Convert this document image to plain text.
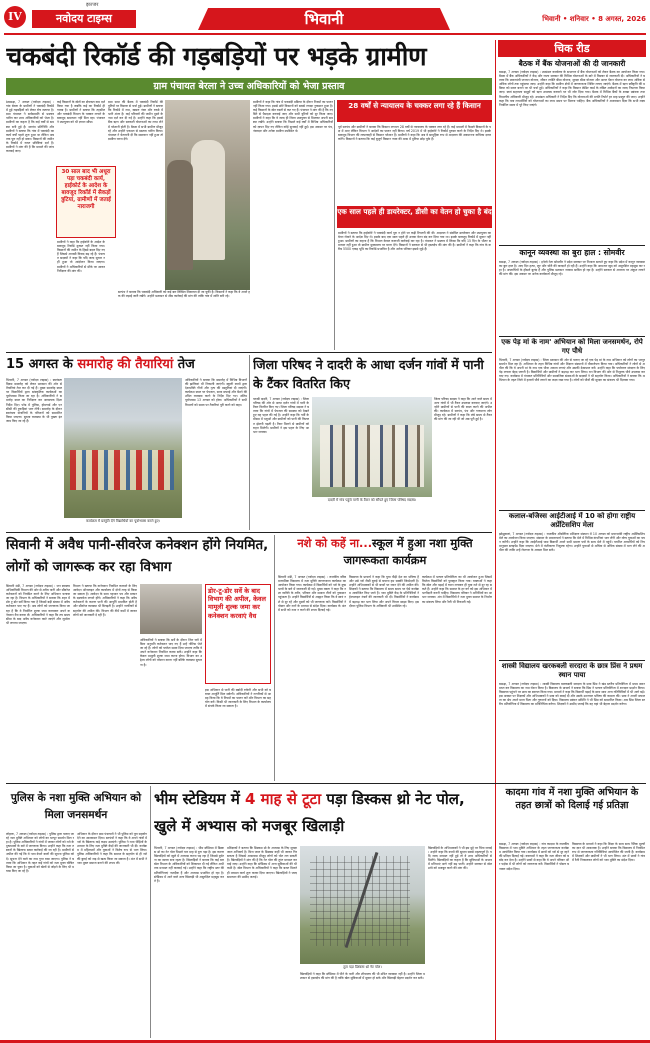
IV	नवोदय टाइम्स
झज्जर
भिवानी	भिवानी • शनिवार • 8 अगस्त, 2026
चकबंदी रिकॉर्ड की गड़बड़ियों पर भड़के ग्रामीण
ग्राम पंचायत बेरला ने उच्च अधिकारियों को भेजा प्रस्ताव
bबाढड़ा, 7 अगस्त (नवोदय टाइम्स) : गांव बेरला के ग्रामीणों ने चकबंदी रिकॉर्ड में हुई गड़बड़ियों को लेकर रोष जताया है। ग्राम पंचायत ने सर्वसम्मति से प्रस्ताव पारित कर उच्च अधिकारियों को भेजा है। ग्रामीणों का कहना है कि कई वर्षों से समस्या बनी हुई है। सरपंच प्रतिनिधि और ग्रामीणों ने बताया कि गांव में चकबंदी का कार्य वर्षों पहले शुरू हुआ था लेकिन अब तक पूरा नहीं हो सका। किसानों की जमीन के रिकॉर्ड में गलत प्रविष्टियां दर्ज हैं। ग्रामीणों ने मांग की है कि मामले की जांच करवाई जाए।
कई किसानों के खेतों का क्षेत्रफल कम दर्ज किया गया है जबकि कई का रिकॉर्ड ही गायब है। ग्रामीणों ने बताया कि तहसील और चकबंदी विभाग के चक्कर लगाने के बावजूद समाधान नहीं मिल रहा। पंचायत ने उपायुक्त को भी ज्ञापन सौंपा।
30 साल बाद भी अधूरा पड़ा चकबंदी कार्य, हाईकोर्ट के आदेश के बावजूद रिकॉर्ड में सैकड़ों त्रुटियां, ग्रामीणों में जताई नाराजगी
ग्रामीणों ने कहा कि हाईकोर्ट के आदेश के बावजूद रिकॉर्ड दुरुस्त नहीं किया गया। किसानों की जमीन के हिस्से बदल दिए गए हैं जिससे आपसी विवाद बढ़ रहे हैं। पंचायत सदस्यों ने कहा कि यदि जल्द सुधार नहीं हुआ तो आंदोलन किया जाएगा। ग्रामीणों ने अधिकारियों से मौके पर आकर निरीक्षण की मांग की।
ग्राम सभा की बैठक में चकबंदी रिकॉर्ड की त्रुटियों पर विस्तार से चर्चा हुई। ग्रामीणों ने बताया कि रिकॉर्ड में नाम, खसरा नंबर और रकबे में भारी अंतर है। कई परिवारों की जमीन दूसरे के नाम दर्ज कर दी गई है। उन्होंने कहा कि इससे बैंक ऋण और सरकारी योजनाओं का लाभ लेने में परेशानी होती है। बैठक में सभी ग्रामीण मौजूद रहे और उन्होंने एकमत से प्रस्ताव पारित किया। पंचायत ने चेतावनी दी कि समाधान नहीं हुआ तो ग्रामीण धरना देंगे।
सरपंच ने बताया कि चकबंदी अधिकारी को कई बार लिखित शिकायत दी जा चुकी है। किसानों ने कहा कि वे अपने हक की लड़ाई जारी रखेंगे। उन्होंने प्रशासन से शीघ्र कार्रवाई की मांग की ताकि गांव में शांति बनी रहे।
ग्रामीणों ने कहा कि गांव में चकबंदी प्रक्रिया के दौरान नियमों का पालन नहीं किया गया। इससे छोटे किसानों को सबसे ज्यादा नुकसान हुआ है। कई किसानों के खेत रास्तों से कट गए हैं। पंचायत ने मांग की है कि नए सिरे से पैमाइश करवाई जाए और सभी त्रुटियों को दूर किया जाए। ग्रामीणों ने कहा कि वे जल्द ही जिला उपायुक्त से मिलकर अपनी समस्या रखेंगे। उन्होंने बताया कि पिछले कई वर्षों में विभिन्न अधिकारियों को ज्ञापन दिए गए लेकिन कोई सुनवाई नहीं हुई। इस अवसर पर पंच, नंबरदार और अनेक ग्रामीण उपस्थित थे।
28 वर्षों से न्यायालय के चक्कर लगा रहे हैं किसान
पूर्व सरपंच और ग्रामीणों ने बताया कि किसान लगभग 28 वर्षों से न्यायालय के चक्कर लगा रहे हैं। कई मामलों में फैसले किसानों के पक्ष में आए लेकिन विभाग ने आदेशों का पालन नहीं किया। वर्ष 2019 में भी हाईकोर्ट ने रिकॉर्ड दुरुस्त करने के निर्देश दिए थे। इसके बावजूद विभाग की लापरवाही से किसान परेशान हैं। ग्रामीणों ने कहा कि अब वे सामूहिक रूप से अदालत की अवमानना याचिका दायर करेंगे। किसानों ने बताया कि कई बुजुर्ग किसान न्याय की आस में दुनिया छोड़ चुके हैं।
एक साल पहले ही डायरेक्टर, डीसी का वेतन हो चुका है बंद
ग्रामीणों ने बताया कि हाईकोर्ट ने चकबंदी कार्य पूरा न होने पर कड़ी टिप्पणी की थी। अदालत ने संबंधित डायरेक्टर और उपायुक्त का वेतन रोकने के आदेश दिए थे। इसके बाद एक साल पहले ही उनका वेतन बंद कर दिया गया था। इसके बावजूद रिकॉर्ड में सुधार नहीं हुआ। ग्रामीणों का कहना है कि विभाग केवल कागजी कार्रवाई कर रहा है। पंचायत ने प्रस्ताव में लिखा कि यदि 15 दिन के भीतर समाधान नहीं हुआ तो ग्रामीण मुख्यालय पर धरना देंगे। किसानों ने सरकार से भी हस्तक्षेप की मांग की है। ग्रामीणों ने कहा कि गांव के करीब 5500 एकड़ भूमि का रिकॉर्ड प्रभावित है और अनेक परिवार इससे जुड़े हैं।
चिक रीड
बैठक में बैंक योजनाओं की दी जानकारी
बाढड़ा, 7 अगस्त (नवोदय टाइम्स) : उपमंडल कार्यालय के सभागार में बैंक योजनाओं को लेकर बैठक का आयोजन किया गया। बैठक में बैंक अधिकारियों ने केंद्र और राज्य सरकार की विभिन्न योजनाओं के बारे में विस्तार से जानकारी दी। अधिकारियों ने बताया कि प्रधानमंत्री जनधन योजना, जीवन ज्योति बीमा योजना, सुरक्षा बीमा योजना और अटल पेंशन योजना का लाभ अधिक से अधिक लोगों तक पहुंचाया जाए। उन्होंने कहा कि ग्रामीण क्षेत्रों में जागरूकता शिविर लगाए जाएंगे। बैठक में ऋण स्वीकृति की प्रक्रिया को सरल बनाने पर भी चर्चा हुई। अधिकारियों ने कहा कि किसान क्रेडिट कार्ड के लंबित आवेदनों का जल्द निपटारा किया जाए। स्वयं सहायता समूहों को ऋण उपलब्ध करवाने पर भी जोर दिया गया। बैठक में विभिन्न बैंकों के शाखा प्रबंधक तथा विभागीय अधिकारी मौजूद रहे। उपमंडल अधिकारी ने निर्देश दिए कि योजनाओं की प्रगति रिपोर्ट हर माह प्रस्तुत की जाए। उन्होंने कहा कि पात्र लाभार्थियों को योजनाओं का लाभ समय पर मिलना चाहिए। बैंक अधिकारियों ने आश्वासन दिया कि सभी लक्ष्य निर्धारित समय में पूरे किए जाएंगे।
कानून व्यवस्था का बुरा हाल : सोमवीर
बाढड़ा, 7 अगस्त (नवोदय टाइम्स) : इनेलो नेता सोमवीर ने प्रदेश सरकार पर निशाना साधते हुए कहा कि प्रदेश में कानून व्यवस्था का बुरा हाल है। आए दिन हत्या, लूट और चोरी की वारदातें हो रही हैं। उन्होंने कहा कि आमजन खुद को असुरक्षित महसूस कर रहा है। अपराधियों के हौसले बुलंद हैं और पुलिस प्रशासन नाकाम साबित हो रहा है। उन्होंने सरकार से अपराध पर अंकुश लगाने की मांग की। इस अवसर पर अनेक कार्यकर्ता मौजूद रहे।
एक पेड़ मां के नाम' अभियान को मिला जनसमर्थन, रोपे गए पौधे
भिवानी, 7 अगस्त (नवोदय टाइम्स) : जिला प्रशासन की ओर से चलाए जा रहे एक पेड़ मां के नाम अभियान को लोगों का भरपूर समर्थन मिल रहा है। अभियान के तहत विभिन्न गांवों और शिक्षण संस्थानों में पौधारोपण किया गया। अधिकारियों ने लोगों से अपील की कि वे अपनी मां के नाम एक पौधा अवश्य लगाएं और उसकी देखभाल करें। उन्होंने कहा कि पर्यावरण संरक्षण के लिए पेड़ लगाना बेहद जरूरी है। विद्यार्थियों और ग्रामीणों ने बढ़चढ़ कर भाग लिया। वन विभाग की ओर से निशुल्क पौधे उपलब्ध करवाए गए। कार्यक्रम में पंचायत प्रतिनिधियों और सामाजिक संस्थाओं के सदस्यों ने भी सहयोग किया। अधिकारियों ने बताया कि अभियान के तहत जिले में हजारों पौधे लगाने का लक्ष्य रखा गया है। लोगों को पौधों की सुरक्षा का संकल्प भी दिलाया गया।
कलाल-बजिस्स आईटीआई में 10 को होगा राष्ट्रीय अप्रेंटिसशिप मेला
झोझूकलां, 7 अगस्त (नवोदय टाइम्स) : राजकीय औद्योगिक प्रशिक्षण संस्थान में 10 अगस्त को प्रधानमंत्री राष्ट्रीय अप्रेंटिसशिप मेले का आयोजन किया जाएगा। संस्थान के प्रधानाचार्य ने बताया कि मेले में विभिन्न कंपनियां भाग लेंगी और योग्य युवाओं का चयन करेंगी। उन्होंने कहा कि आईटीआई पास विद्यार्थी अपने सभी प्रमाण पत्रों के साथ मेले में पहुंचें। चयनित अभ्यर्थियों को नियमानुसार स्टाइपेंड दिया जाएगा। मेले में पंजीकरण निशुल्क रहेगा। उन्होंने युवाओं से अधिक से अधिक संख्या में भाग लेने की अपील की ताकि उन्हें रोजगार के अवसर मिल सकें।
शास्त्री विद्यालय खरकबली सरदारा के छात्र प्रिंस ने प्रथम स्थान पाया
बाढड़ा, 7 अगस्त (नवोदय टाइम्स) : शास्त्री विद्यालय खरकबली सरदारा के छात्र प्रिंस ने खंड स्तरीय प्रतियोगिता में प्रथम स्थान प्राप्त कर विद्यालय का नाम रोशन किया है। विद्यालय के प्राचार्य ने बताया कि प्रिंस ने भाषण प्रतियोगिता में शानदार प्रदर्शन किया। विद्यालय पहुंचने पर छात्र का स्वागत किया गया। प्राचार्य ने कहा कि विद्यार्थी पढ़ाई के साथ साथ अन्य गतिविधियों में भी आगे बढ़ें। इस अवसर पर शिक्षकों और अभिभावकों ने छात्र को बधाई दी और उसके उज्ज्वल भविष्य की कामना की। छात्र ने अपनी सफलता का श्रेय अपने माता पिता और गुरुजनों को दिया। विद्यालय प्रबंधन समिति ने भी प्रिंस को सम्मानित किया। अब प्रिंस जिला स्तरीय प्रतियोगिता में विद्यालय का प्रतिनिधित्व करेगा। शिक्षकों ने उम्मीद जताई कि वह वहां भी बेहतर प्रदर्शन करेगा।
15 अगस्त के समारोह की तैयारियां तेज
भिवानी, 7 अगस्त (नवोदय टाइम्स) : स्वतंत्रता दिवस समारोह को लेकर प्रशासन की ओर से तैयारियां तेज कर दी गई हैं। मुख्य समारोह स्थल पर विद्यार्थियों द्वारा सांस्कृतिक कार्यक्रमों का पूर्वाभ्यास किया जा रहा है। अधिकारियों ने समारोह स्थल का निरीक्षण कर आवश्यक दिशा निर्देश दिए। परेड में पुलिस, होमगार्ड और एनसीसी की टुकड़ियां भाग लेंगी। समारोह के दौरान स्वतंत्रता सेनानियों के परिजनों को सम्मानित किया जाएगा। सुरक्षा व्यवस्था के भी पुख्ता इंतजाम किए जा रहे हैं।
कार्यक्रम में प्रस्तुति देंगे विद्यार्थियों का पूर्वाभ्यास करते हुए।
अधिकारियों ने बताया कि समारोह में विभिन्न विभागों की झांकियां भी निकाली जाएंगी। स्कूली बच्चों द्वारा देशभक्ति गीतों और नृत्य की प्रस्तुतियां दी जाएंगी। कार्यक्रम स्थल पर पेयजल, साफ सफाई और बैठने की उचित व्यवस्था करने के निर्देश दिए गए। अंतिम पूर्वाभ्यास 13 अगस्त को होगा। अधिकारियों ने सभी विभागों को समय पर तैयारियां पूरी करने को कहा।
जिला परिषद ने दादरी के आधा दर्जन गांवों में पानी के टैंकर वितरित किए
चरखी दादरी, 7 अगस्त (नवोदय टाइम्स) : जिला परिषद की ओर से आधा दर्जन गांवों में पानी के टैंकर वितरित किए गए। जिला परिषद सदस्य ने बताया कि गांवों में पेयजल की समस्या को देखते हुए यह पहल की गई है। उन्होंने कहा कि गर्मी के मौसम में पशुओं और ग्रामीणों को पानी की किल्लत झेलनी पड़ती है। टैंकर मिलने से ग्रामीणों को राहत मिलेगी। ग्रामीणों ने इस पहल के लिए आभार जताया।
दादरी में गांव पहुंचे पानी के टैंकर को सौंपते हुए जिला परिषद सदस्य।
जिला परिषद सदस्य ने कहा कि आने वाले समय में अन्य गांवों में भी टैंकर उपलब्ध करवाए जाएंगे। उन्होंने ग्रामीणों से पानी की बचत करने की अपील की। कार्यक्रम में सरपंच, पंच और गणमान्य लोग मौजूद रहे। ग्रामीणों ने कहा कि लंबे समय से टैंकर की मांग की जा रही थी जो अब पूरी हुई है।
सिवानी में अवैध पानी-सीवरेज कनेक्शन होंगे नियमित, लोगों को जागरूक कर रहा विभाग
सिवानी मंडी, 7 अगस्त (नवोदय टाइम्स) : जन स्वास्थ्य अभियांत्रिकी विभाग की ओर से अवैध पानी और सीवरेज कनेक्शनों को नियमित करने के लिए अभियान चलाया जा रहा है। विभाग के अधिकारियों ने बताया कि शहर में डोर टू डोर सर्वे किया गया है जिसमें बड़ी संख्या में अवैध कनेक्शन पाए गए हैं। अब लोगों को जागरूक किया जा रहा है कि वे निर्धारित शुल्क जमा करवाकर अपने कनेक्शन वैध करवा लें। अधिकारियों ने कहा कि तय समय सीमा के बाद अवैध कनेक्शन काटे जाएंगे और जुर्माना भी लगाया जाएगा।
विभाग ने बताया कि कनेक्शन नियमित करवाने के लिए आवेदन ऑनलाइन और कार्यालय में दोनों तरह से किया जा सकता है। आवेदन के साथ पहचान पत्र और मकान के दस्तावेज लगाने होंगे। अधिकारियों ने कहा कि अवैध कनेक्शनों के कारण पानी की आपूर्ति प्रभावित होती है और सीवरेज व्यवस्था भी बिगड़ती है। उन्होंने नागरिकों से सहयोग की अपील की। विभाग की टीमें वार्डों में जाकर लोगों को जानकारी दे रही हैं।
डोर-टू-डोर सर्वे के बाद विभाग की अपील, केवल मामूली शुल्क जमा कर कनेक्शन करवाएं वैध
अधिकारियों ने बताया कि सर्वे के दौरान जिन घरों में बिना अनुमति कनेक्शन पाए गए हैं उन्हें नोटिस भेजे जा रहे हैं। लोगों को पर्याप्त समय दिया जाएगा ताकि वे अपने कनेक्शन नियमित करवा सकें। उन्होंने कहा कि केवल मामूली शुल्क जमा करना होगा। विभाग का उद्देश्य लोगों को परेशान करना नहीं बल्कि व्यवस्था सुधारना है।
इस अभियान से पानी की बर्बादी रुकेगी और सभी को बराबर आपूर्ति मिल सकेगी। अधिकारियों ने नागरिकों से आग्रह किया कि वे नियमों का पालन करें और विभाग का सहयोग करें। किसी भी जानकारी के लिए विभाग के कार्यालय में संपर्क किया जा सकता है।
नशे को कहें ना...स्कूल में हुआ नशा मुक्ति जागरूकता कार्यक्रम
सिवानी मंडी, 7 अगस्त (नवोदय टाइम्स) : राजकीय वरिष्ठ माध्यमिक विद्यालय में नशा मुक्ति जागरूकता कार्यक्रम का आयोजन किया गया। कार्यक्रम में विद्यार्थियों को नशे के दुष्प्रभावों के बारे में जानकारी दी गई। मुख्य वक्ता ने कहा कि नशा व्यक्ति के शरीर, परिवार और समाज तीनों को नुकसान पहुंचाता है। उन्होंने विद्यार्थियों से आह्वान किया कि वे स्वयं नशे से दूर रहें और दूसरों को भी जागरूक करें। विद्यार्थियों ने पोस्टर और नारों के माध्यम से संदेश दिया। कार्यक्रम के अंत में सभी को नशा न करने की शपथ दिलाई गई।
विद्यालय के प्राचार्य ने कहा कि युवा पीढ़ी देश का भविष्य है और उसे नशे जैसी बुराई से बचाना हम सबकी जिम्मेदारी है। उन्होंने अभिभावकों से भी बच्चों पर ध्यान देने की अपील की। शिक्षकों ने बताया कि विद्यालय में समय समय पर ऐसे कार्यक्रम आयोजित किए जाते हैं। नशा मुक्ति केंद्र के प्रतिनिधियों ने हेल्पलाइन नंबरों की जानकारी भी दी। विद्यार्थियों ने कार्यक्रम में बढ़चढ़ कर भाग लिया और अपने विचार साझा किए। इस दौरान पुलिस विभाग के अधिकारी भी उपस्थित रहे।
कार्यक्रम में भाषण प्रतियोगिता का भी आयोजन हुआ जिसमें विजेता विद्यार्थियों को पुरस्कृत किया गया। वक्ताओं ने कहा कि खेल और पढ़ाई में ध्यान लगाकर ही युवा नशे से दूर रह सकते हैं। उन्होंने कहा कि समाज के हर वर्ग को इस अभियान में भागीदारी करनी चाहिए। विद्यालय परिवार ने अतिथियों का आभार जताया। अंत में विद्यार्थियों ने नशा मुक्त समाज के निर्माण का संकल्प लिया और रैली भी निकाली गई।
पुलिस के नशा मुक्ति अभियान को मिला जनसमर्थन
लोहारू, 7 अगस्त (नवोदय टाइम्स) : पुलिस द्वारा चलाए जा रहे नशा मुक्ति अभियान को लोगों का भरपूर समर्थन मिल रहा है। पुलिस अधिकारियों ने गांवों में जाकर लोगों को नशे के दुष्प्रभावों के बारे में जागरूक किया। उन्होंने कहा कि नशा तस्करों के खिलाफ सख्त कार्रवाई की जा रही है। ग्रामीणों से अपील की गई कि वे नशा बेचने वालों की सूचना पुलिस को दें। सूचना देने वाले का नाम गुप्त रखा जाएगा। पुलिस ने बताया कि अभियान के तहत कई गांवों को नशा मुक्त घोषित किया जा चुका है। युवाओं को खेलों से जोड़ने के लिए भी प्रयास किए जा रहे हैं।
अभियान के दौरान ग्राम पंचायतों ने भी पुलिस को पूरा सहयोग देने का आश्वासन दिया। सरपंचों ने कहा कि वे अपने गांवों में नशे के खिलाफ कड़े कदम उठाएंगे। पुलिस ने नशा पीड़ितों के उपचार के लिए नशा मुक्ति केंद्रों की जानकारी भी दी। कार्यक्रम में महिलाओं और युवाओं ने विशेष रूप से भाग लिया। पुलिस अधिकारियों ने कहा कि समाज के सहयोग से ही नशे की बुराई को जड़ से खत्म किया जा सकता है। अंत में सभी ने नशा मुक्त समाज बनाने की शपथ ली।
भीम स्टेडियम में 4 माह से टूटा पड़ा डिस्कस थ्रो नेट पोल, खुले में अभ्यास को मजबूर खिलाड़ी
भिवानी, 7 अगस्त (नवोदय टाइम्स) : भीम स्टेडियम में डिस्कस थ्रो का नेट पोल पिछले चार माह से टूटा पड़ा है। इस कारण खिलाड़ियों को खुले में अभ्यास करना पड़ रहा है जिससे दुर्घटना का खतरा बना रहता है। खिलाड़ियों ने बताया कि कई बार खेल विभाग के अधिकारियों को शिकायत दी गई लेकिन अभी तक मरम्मत नहीं करवाई गई। उन्होंने कहा कि राष्ट्रीय स्तर की प्रतियोगिताएं नजदीक हैं और अभ्यास प्रभावित हो रहा है। स्टेडियम में आने वाले अन्य खिलाड़ी भी असुरक्षित महसूस करते हैं।
प्रशिक्षकों ने बताया कि डिस्कस थ्रो के अभ्यास के लिए सुरक्षा जाल अनिवार्य है। बिना जाल के डिस्कस कहीं भी जाकर गिर सकता है जिससे आसपास मौजूद लोगों को चोट लग सकती है। खिलाड़ियों ने मांग की है कि नेट पोल की तुरंत मरम्मत करवाई जाए। उन्होंने कहा कि स्टेडियम में अन्य सुविधाओं की भी कमी है। खेल विभाग के अधिकारियों ने कहा कि बजट मिलते ही मरम्मत कार्य शुरू करवा दिया जाएगा। खिलाड़ियों ने जल्द समाधान की उम्मीद जताई।
टूटा पड़ा डिस्कस थ्रो नेट पोल।
खिलाड़ियों ने कहा कि स्टेडियम में पीने के पानी और शौचालय की भी उचित व्यवस्था नहीं है। उन्होंने जिला प्रशासन से हस्तक्षेप की मांग की है ताकि खेल सुविधाओं में सुधार हो सके और खिलाड़ी बेहतर प्रदर्शन कर सकें।
खिलाड़ियों के अभिभावकों ने भी इस मुद्दे पर चिंता जताई। उन्होंने कहा कि बच्चों की सुरक्षा सबसे महत्वपूर्ण है। यदि जल्द मरम्मत नहीं हुई तो वे उच्च अधिकारियों से मिलेंगे। खिलाड़ियों का कहना है कि सुविधाओं के अभाव में प्रतिभाएं आगे नहीं बढ़ पाती। उन्होंने सरकार से खेल ढांचे को मजबूत करने की मांग की।
कादमा गांव में नशा मुक्ति अभियान के तहत छात्रों को दिलाई गई प्रतिज्ञा
बाढड़ा, 7 अगस्त (नवोदय टाइम्स) : गांव कादमा के राजकीय विद्यालय में नशा मुक्ति अभियान के तहत जागरूकता कार्यक्रम आयोजित किया गया। कार्यक्रम में छात्रों को नशे से दूर रहने की प्रतिज्ञा दिलाई गई। वक्ताओं ने कहा कि नशा जीवन को बर्बाद कर देता है। उन्होंने छात्रों से कहा कि वे अपने परिवार और पड़ोस में भी लोगों को जागरूक करें। विद्यार्थियों ने पोस्टर बनाकर संदेश दिया।
विद्यालय के प्राचार्य ने कहा कि शिक्षा के साथ साथ नैतिक मूल्यों का ज्ञान भी आवश्यक है। उन्होंने बताया कि विद्यालय में नियमित रूप से जागरूकता गतिविधियां आयोजित की जाती हैं। कार्यक्रम में शिक्षकों और ग्रामीणों ने भी भाग लिया। अंत में छात्रों ने गांव में रैली निकालकर लोगों को नशा मुक्ति का संदेश दिया।
